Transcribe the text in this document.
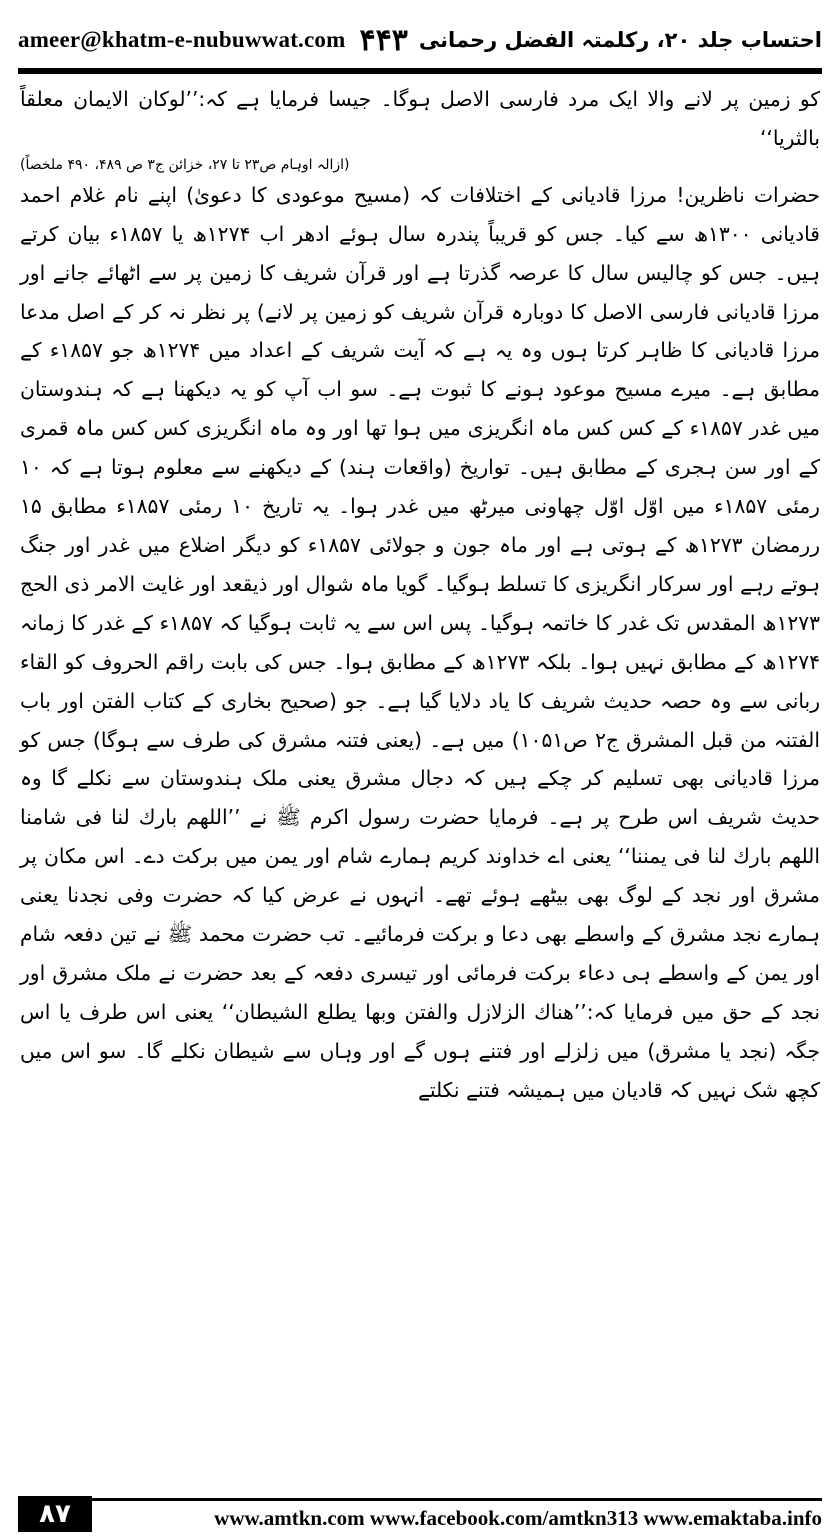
ameer@khatm-e-nubuwwat.com ۴۴۳ احتساب جلد ۲۰، رکلمتہ الفضل رحمانی

کو زمین پر لانے والا ایک مرد فارسی الاصل ہوگا۔ جیسا فرمایا ہے کہ:’’لوکان الایمان معلقاً بالثریا‘‘
(ازالہ اوہام ص۲۳ تا ۲۷، خزائن ج۳ ص ۴۸۹، ۴۹۰ ملخصاً)

حضرات ناظرین! مرزا قادیانی کے اختلافات کہ (مسیح موعودی کا دعویٰ) اپنے نام غلام احمد قادیانی ۱۳۰۰ھ سے کیا۔ جس کو قریباً پندرہ سال ہوئے ادھر اب ۱۲۷۴ھ یا ۱۸۵۷ء بیان کرتے ہیں۔ جس کو چالیس سال کا عرصہ گذرتا ہے اور قرآن شریف کا زمین پر سے اٹھائے جانے اور مرزا قادیانی فارسی الاصل کا دوبارہ قرآن شریف کو زمین پر لانے) پر نظر نہ کر کے اصل مدعا مرزا قادیانی کا ظاہر کرتا ہوں وہ یہ ہے کہ آیت شریف کے اعداد میں ۱۲۷۴ھ جو ۱۸۵۷ء کے مطابق ہے۔ میرے مسیح موعود ہونے کا ثبوت ہے۔ سو اب آپ کو یہ دیکھنا ہے کہ ہندوستان میں غدر ۱۸۵۷ء کے کس کس ماہ انگریزی میں ہوا تھا اور وہ ماہ انگریزی کس کس ماہ قمری کے اور سن ہجری کے مطابق ہیں۔ تواریخ (واقعات ہند) کے دیکھنے سے معلوم ہوتا ہے کہ ۱۰ رمئی ۱۸۵۷ء میں اوّل اوّل چھاونی میرٹھ میں غدر ہوا۔ یہ تاریخ ۱۰ رمئی ۱۸۵۷ء مطابق ۱۵ ررمضان ۱۲۷۳ھ کے ہوتی ہے اور ماہ جون و جولائی ۱۸۵۷ء کو دیگر اضلاع میں غدر اور جنگ ہوتے رہے اور سرکار انگریزی کا تسلط ہوگیا۔ گویا ماہ شوال اور ذیقعد اور غایت الامر ذی الحج ۱۲۷۳ھ المقدس تک غدر کا خاتمہ ہوگیا۔ پس اس سے یہ ثابت ہوگیا کہ ۱۸۵۷ء کے غدر کا زمانہ ۱۲۷۴ھ کے مطابق نہیں ہوا۔ بلکہ ۱۲۷۳ھ کے مطابق ہوا۔ جس کی بابت راقم الحروف کو القاء ربانی سے وہ حصہ حدیث شریف کا یاد دلایا گیا ہے۔ جو (صحیح بخاری کے کتاب الفتن اور باب الفتنہ من قبل المشرق ج۲ ص۱۰۵۱) میں ہے۔ (یعنی فتنہ مشرق کی طرف سے ہوگا) جس کو مرزا قادیانی بھی تسلیم کر چکے ہیں کہ دجال مشرق یعنی ملک ہندوستان سے نکلے گا وہ حدیث شریف اس طرح پر ہے۔ فرمایا حضرت رسول اکرم ﷺ نے ’’اللھم بارك لنا فی شامنا اللھم بارك لنا فی یمننا‘‘ یعنی اے خداوند کریم ہمارے شام اور یمن میں برکت دے۔ اس مکان پر مشرق اور نجد کے لوگ بھی بیٹھے ہوئے تھے۔ انہوں نے عرض کیا کہ حضرت وفی نجدنا یعنی ہمارے نجد مشرق کے واسطے بھی دعا و برکت فرمائیے۔ تب حضرت محمد ﷺ نے تین دفعہ شام اور یمن کے واسطے ہی دعاء برکت فرمائی اور تیسری دفعہ کے بعد حضرت نے ملک مشرق اور نجد کے حق میں فرمایا کہ:’’ھناك الزلازل والفتن وبھا یطلع الشیطان‘‘ یعنی اس طرف یا اس جگہ (نجد یا مشرق) میں زلزلے اور فتنے ہوں گے اور وہاں سے شیطان نکلے گا۔ سو اس میں کچھ شک نہیں کہ قادیان میں ہمیشہ فتنے نکلتے

۸۷	www.amtkn.com www.facebook.com/amtkn313 www.emaktaba.info
